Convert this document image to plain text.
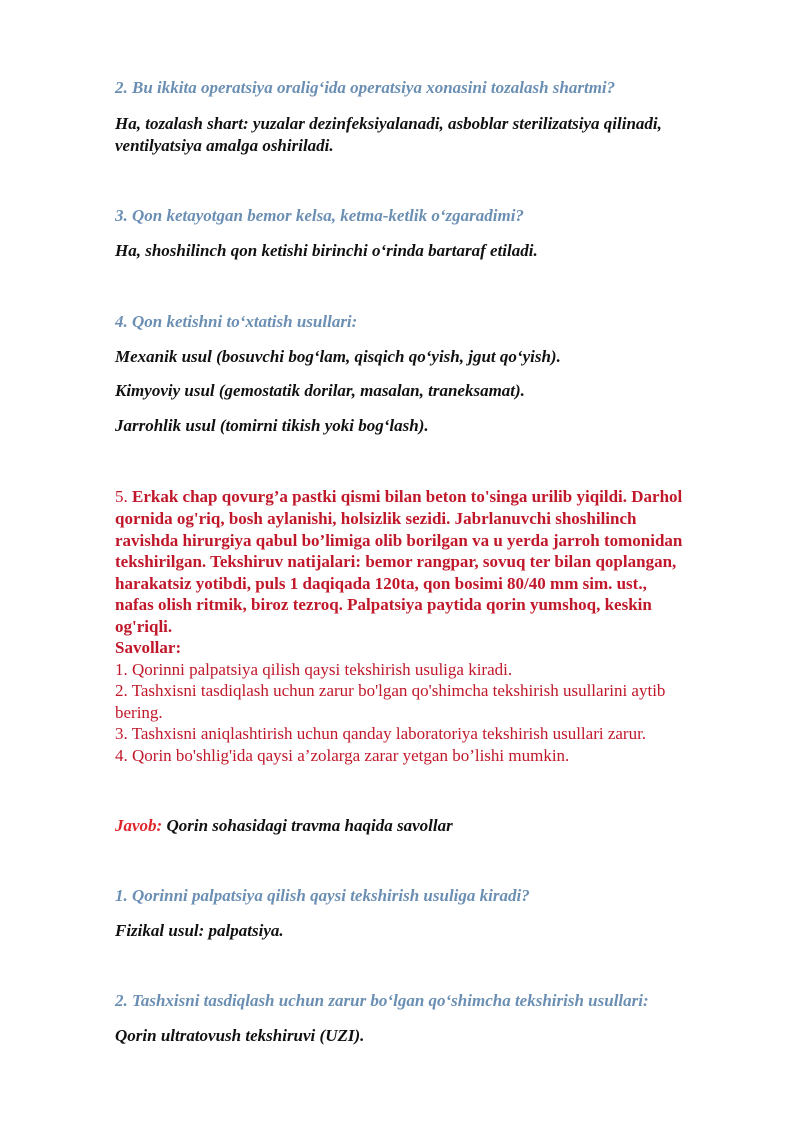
2. Bu ikkita operatsiya oralig‘ida operatsiya xonasini tozalash shartmi?
Ha, tozalash shart: yuzalar dezinfeksiyalanadi, asboblar sterilizatsiya qilinadi,
ventilyatsiya amalga oshiriladi.
3. Qon ketayotgan bemor kelsa, ketma-ketlik o‘zgaradimi?
Ha, shoshilinch qon ketishi birinchi o‘rinda bartaraf etiladi.
4. Qon ketishni to‘xtatish usullari:
Mexanik usul (bosuvchi bog‘lam, qisqich qo‘yish, jgut qo‘yish).
Kimyoviy usul (gemostatik dorilar, masalan, traneksamat).
Jarrohlik usul (tomirni tikish yoki bog‘lash).
5. Erkak chap qovurg’a pastki qismi bilan beton to'singa urilib yiqildi. Darhol
qornida og'riq, bosh aylanishi, holsizlik sezidi. Jabrlanuvchi shoshilinch
ravishda hirurgiya qabul bo’limiga olib borilgan va u yerda jarroh tomonidan
tekshirilgan. Tekshiruv natijalari: bemor rangpar, sovuq ter bilan qoplangan,
harakatsiz yotibdi, puls 1 daqiqada 120ta, qon bosimi 80/40 mm sim. ust.,
nafas olish ritmik, biroz tezroq. Palpatsiya paytida qorin yumshoq, keskin
og'riqli.
Savollar:
1. Qorinni palpatsiya qilish qaysi tekshirish usuliga kiradi.
2. Tashxisni tasdiqlash uchun zarur bo'lgan qo'shimcha tekshirish usullarini aytib
bering.
3. Tashxisni aniqlashtirish uchun qanday laboratoriya tekshirish usullari zarur.
4. Qorin bo'shlig'ida qaysi a’zolarga zarar yetgan bo’lishi mumkin.
Javob: Qorin sohasidagi travma haqida savollar
1. Qorinni palpatsiya qilish qaysi tekshirish usuliga kiradi?
Fizikal usul: palpatsiya.
2. Tashxisni tasdiqlash uchun zarur bo‘lgan qo‘shimcha tekshirish usullari:
Qorin ultratovush tekshiruvi (UZI).
